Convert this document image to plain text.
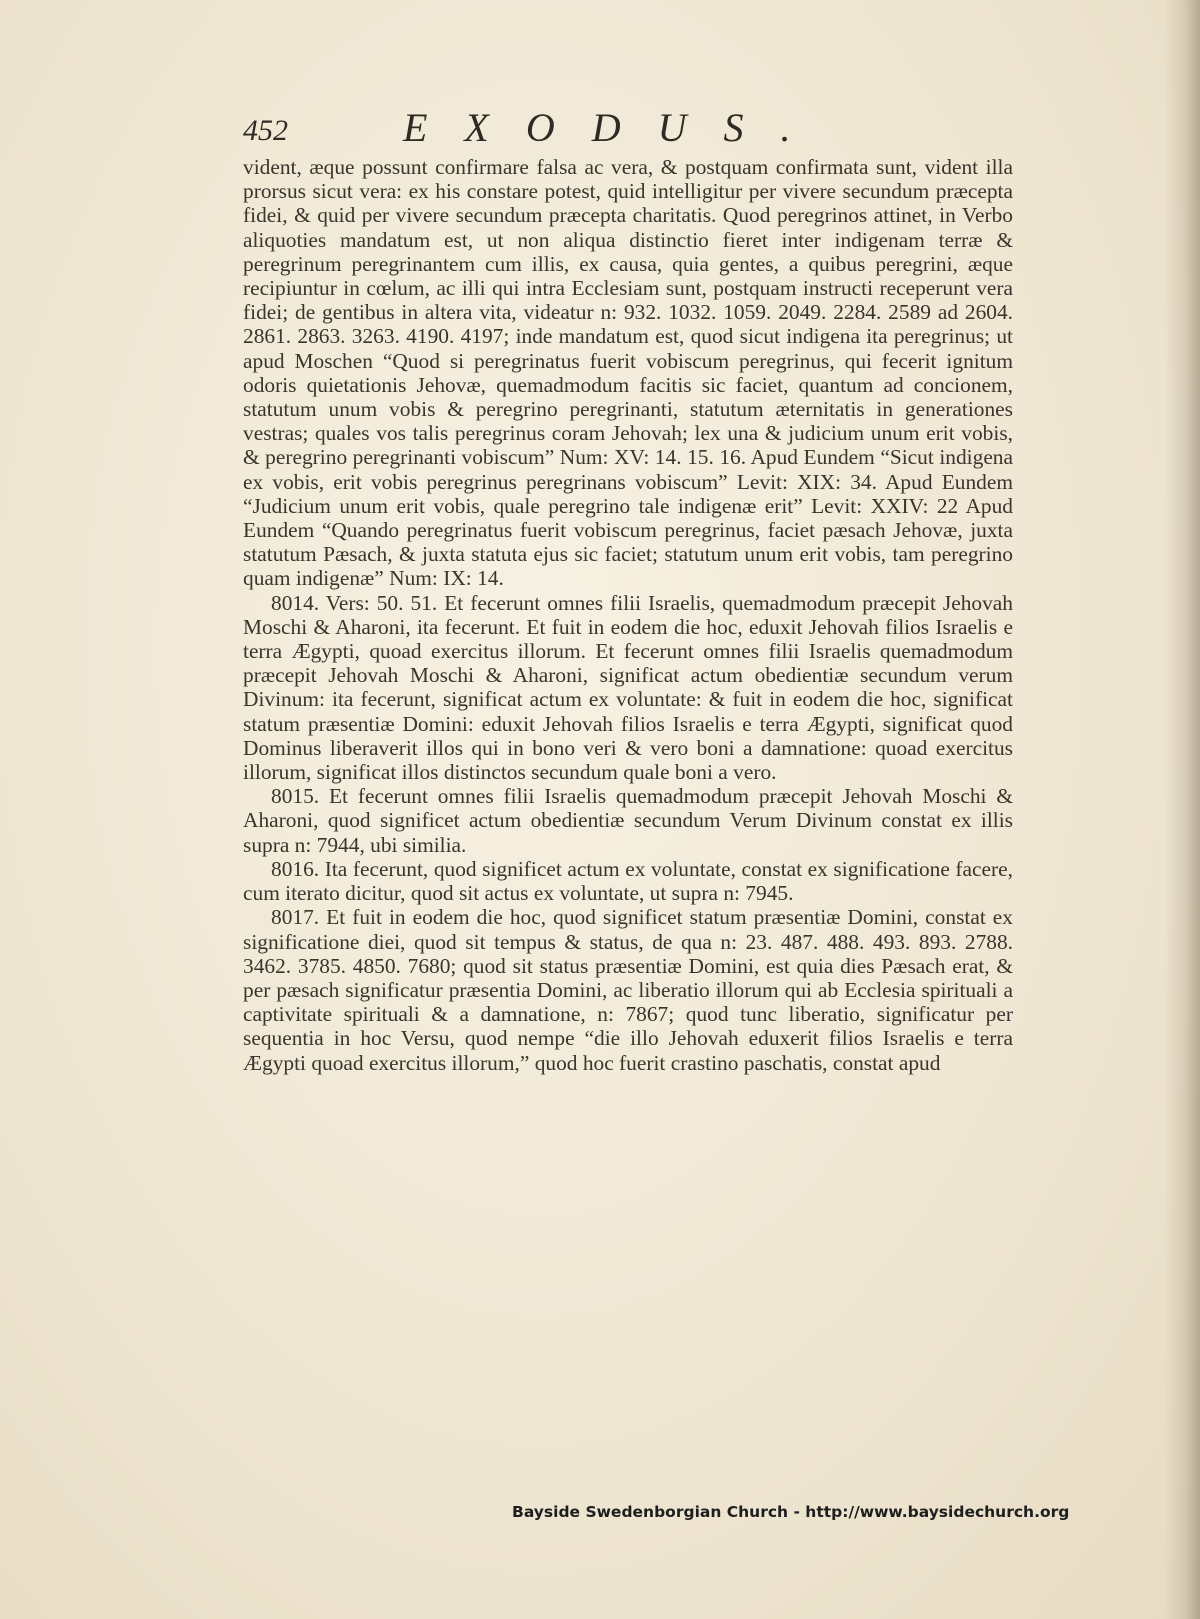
452	EXODUS.

vident, æque possunt confirmare falsa ac vera, & postquam confirmata sunt, vident illa prorsus sicut vera: ex his constare potest, quid intelligitur per vivere secundum præcepta fidei, & quid per vivere secundum præcepta charitatis. Quod peregrinos attinet, in Verbo aliquoties mandatum est, ut non aliqua distinctio fieret inter indigenam terræ & peregrinum peregrinantem cum illis, ex causa, quia gentes, a quibus peregrini, æque recipiuntur in cœlum, ac illi qui intra Ecclesiam sunt, postquam instructi receperunt vera fidei; de gentibus in altera vita, videatur n: 932. 1032. 1059. 2049. 2284. 2589 ad 2604. 2861. 2863. 3263. 4190. 4197; inde mandatum est, quod sicut indigena ita peregrinus; ut apud Moschen “Quod si peregrinatus fuerit vobiscum peregrinus, qui fecerit ignitum odoris quietationis Jehovæ, quemadmodum facitis sic faciet, quantum ad concionem, statutum unum vobis & peregrino peregrinanti, statutum æternitatis in generationes vestras; quales vos talis peregrinus coram Jehovah; lex una & judicium unum erit vobis, & peregrino peregrinanti vobiscum” Num: XV: 14. 15. 16. Apud Eundem “Sicut indigena ex vobis, erit vobis peregrinus peregrinans vobiscum” Levit: XIX: 34. Apud Eundem “Judicium unum erit vobis, quale peregrino tale indigenæ erit” Levit: XXIV: 22 Apud Eundem “Quando peregrinatus fuerit vobiscum peregrinus, faciet pæsach Jehovæ, juxta statutum Pæsach, & juxta statuta ejus sic faciet; statutum unum erit vobis, tam peregrino quam indigenæ” Num: IX: 14.

8014. Vers: 50. 51. Et fecerunt omnes filii Israelis, quemadmodum præcepit Jehovah Moschi & Aharoni, ita fecerunt. Et fuit in eodem die hoc, eduxit Jehovah filios Israelis e terra Ægypti, quoad exercitus illorum. Et fecerunt omnes filii Israelis quemadmodum præcepit Jehovah Moschi & Aharoni, significat actum obedientiæ secundum verum Divinum: ita fecerunt, significat actum ex voluntate: & fuit in eodem die hoc, significat statum præsentiæ Domini: eduxit Jehovah filios Israelis e terra Ægypti, significat quod Dominus liberaverit illos qui in bono veri & vero boni a damnatione: quoad exercitus illorum, significat illos distinctos secundum quale boni a vero.

8015. Et fecerunt omnes filii Israelis quemadmodum præcepit Jehovah Moschi & Aharoni, quod significet actum obedientiæ secundum Verum Divinum constat ex illis supra n: 7944, ubi similia.

8016. Ita fecerunt, quod significet actum ex voluntate, constat ex significatione facere, cum iterato dicitur, quod sit actus ex voluntate, ut supra n: 7945.

8017. Et fuit in eodem die hoc, quod significet statum præsentiæ Domini, constat ex significatione diei, quod sit tempus & status, de qua n: 23. 487. 488. 493. 893. 2788. 3462. 3785. 4850. 7680; quod sit status præsentiæ Domini, est quia dies Pæsach erat, & per pæsach significatur præsentia Domini, ac liberatio illorum qui ab Ecclesia spirituali a captivitate spirituali & a damnatione, n: 7867; quod tunc liberatio, significatur per sequentia in hoc Versu, quod nempe “die illo Jehovah eduxerit filios Israelis e terra Ægypti quoad exercitus illorum,” quod hoc fuerit crastino paschatis, constat apud

Bayside Swedenborgian Church - http://www.baysidechurch.org
